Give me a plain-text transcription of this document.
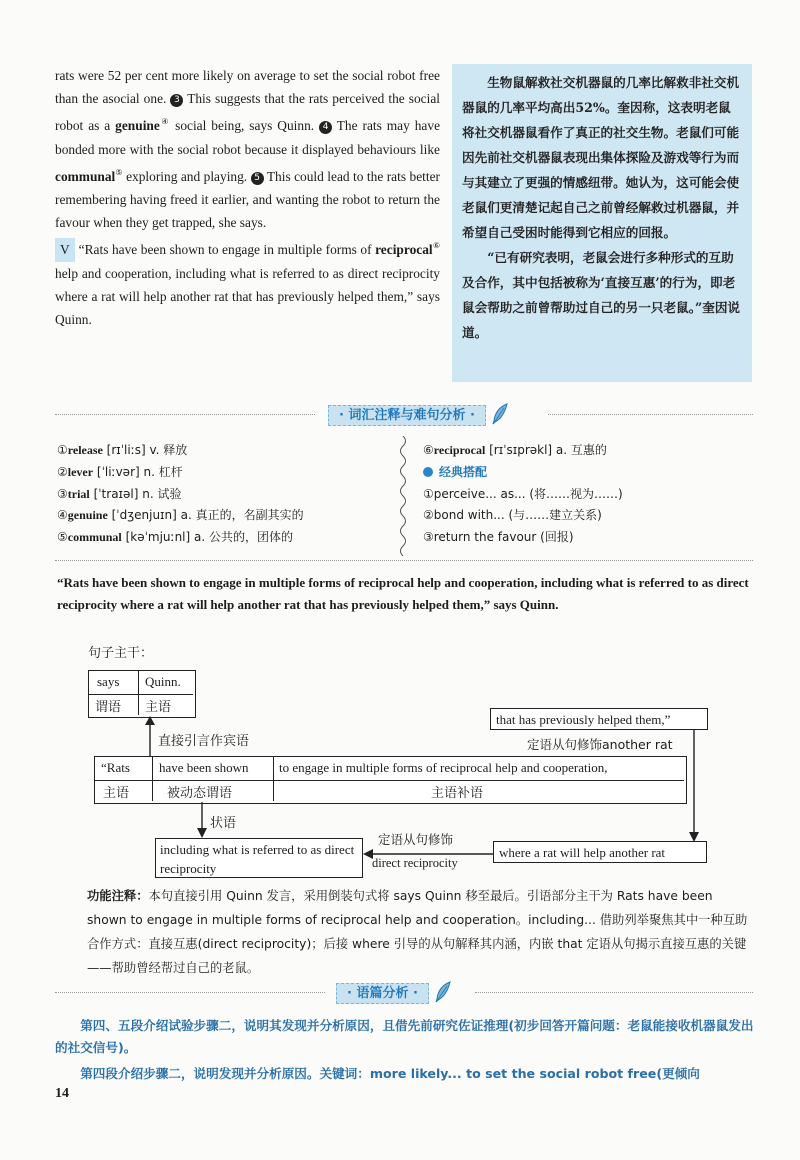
rats were 52 per cent more likely on average to set the social robot free than the asocial one. 3 This suggests that the rats perceived the social robot as a genuine④ social being, says Quinn. 4 The rats may have bonded more with the social robot because it displayed behaviours like communal⑤ exploring and playing. 5 This could lead to the rats better remembering having freed it earlier, and wanting the robot to return the favour when they get trapped, she says.

V “Rats have been shown to engage in multiple forms of reciprocal⑥ help and cooperation, including what is referred to as direct reciprocity where a rat will help another rat that has previously helped them,” says Quinn.

生物鼠解救社交机器鼠的几率比解救非社交机器鼠的几率平均高出52%。奎因称，这表明老鼠将社交机器鼠看作了真正的社交生物。老鼠们可能因先前社交机器鼠表现出集体探险及游戏等行为而与其建立了更强的情感纽带。她认为，这可能会使老鼠们更清楚记起自己之前曾经解救过机器鼠，并希望自己受困时能得到它相应的回报。

“已有研究表明，老鼠会进行多种形式的互助及合作，其中包括被称为‘直接互惠’的行为，即老鼠会帮助之前曾帮助过自己的另一只老鼠。”奎因说道。

· 词汇注释与难句分析 ·
①release [rɪˈliːs] v. 释放
②lever [ˈliːvər] n. 杠杆
③trial [ˈtraɪəl] n. 试验
④genuine [ˈdʒenjuɪn] a. 真正的，名副其实的
⑤communal [kəˈmjuːnl] a. 公共的，团体的
⑥reciprocal [rɪˈsɪprəkl] a. 互惠的
经典搭配
①perceive... as... (将……视为……)
②bond with... (与……建立关系)
③return the favour (回报)
“Rats have been shown to engage in multiple forms of reciprocal help and cooperation, including what is referred to as direct reciprocity where a rat will help another rat that has previously helped them,” says Quinn.
句子主干：
says Quinn.
谓语 主语
直接引言作宾语
that has previously helped them,”
定语从句修饰another rat
“Rats have been shown to engage in multiple forms of reciprocal help and cooperation,
主语	被动态谓语	主语补语
状语
including what is referred to as direct reciprocity
定语从句修饰
direct reciprocity
where a rat will help another rat
功能注释：本句直接引用 Quinn 发言，采用倒装句式将 says Quinn 移至最后。引语部分主干为 Rats have been shown to engage in multiple forms of reciprocal help and cooperation。including... 借助列举聚焦其中一种互助合作方式：直接互惠(direct reciprocity)；后接 where 引导的从句解释其内涵，内嵌 that 定语从句揭示直接互惠的关键——帮助曾经帮过自己的老鼠。
· 语篇分析 ·
第四、五段介绍试验步骤二，说明其发现并分析原因，且借先前研究佐证推理(初步回答开篇问题：老鼠能接收机器鼠发出的社交信号)。
第四段介绍步骤二，说明发现并分析原因。关键词：more likely... to set the social robot free(更倾向
14
